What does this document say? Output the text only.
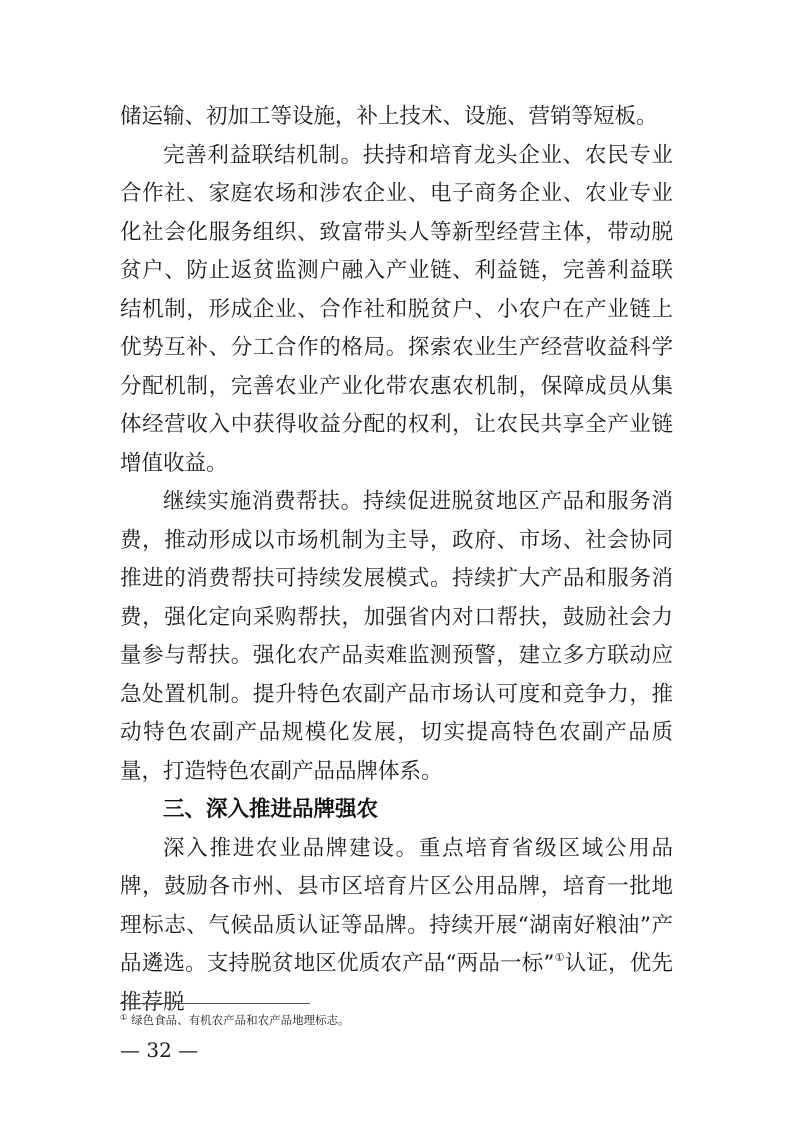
储运输、初加工等设施，补上技术、设施、营销等短板。

完善利益联结机制。扶持和培育龙头企业、农民专业合作社、家庭农场和涉农企业、电子商务企业、农业专业化社会化服务组织、致富带头人等新型经营主体，带动脱贫户、防止返贫监测户融入产业链、利益链，完善利益联结机制，形成企业、合作社和脱贫户、小农户在产业链上优势互补、分工合作的格局。探索农业生产经营收益科学分配机制，完善农业产业化带农惠农机制，保障成员从集体经营收入中获得收益分配的权利，让农民共享全产业链增值收益。

继续实施消费帮扶。持续促进脱贫地区产品和服务消费，推动形成以市场机制为主导，政府、市场、社会协同推进的消费帮扶可持续发展模式。持续扩大产品和服务消费，强化定向采购帮扶，加强省内对口帮扶，鼓励社会力量参与帮扶。强化农产品卖难监测预警，建立多方联动应急处置机制。提升特色农副产品市场认可度和竞争力，推动特色农副产品规模化发展，切实提高特色农副产品质量，打造特色农副产品品牌体系。

三、深入推进品牌强农

深入推进农业品牌建设。重点培育省级区域公用品牌，鼓励各市州、县市区培育片区公用品牌，培育一批地理标志、气候品质认证等品牌。持续开展“湖南好粮油”产品遴选。支持脱贫地区优质农产品“两品一标”①认证，优先推荐脱

① 绿色食品、有机农产品和农产品地理标志。
— 32 —
